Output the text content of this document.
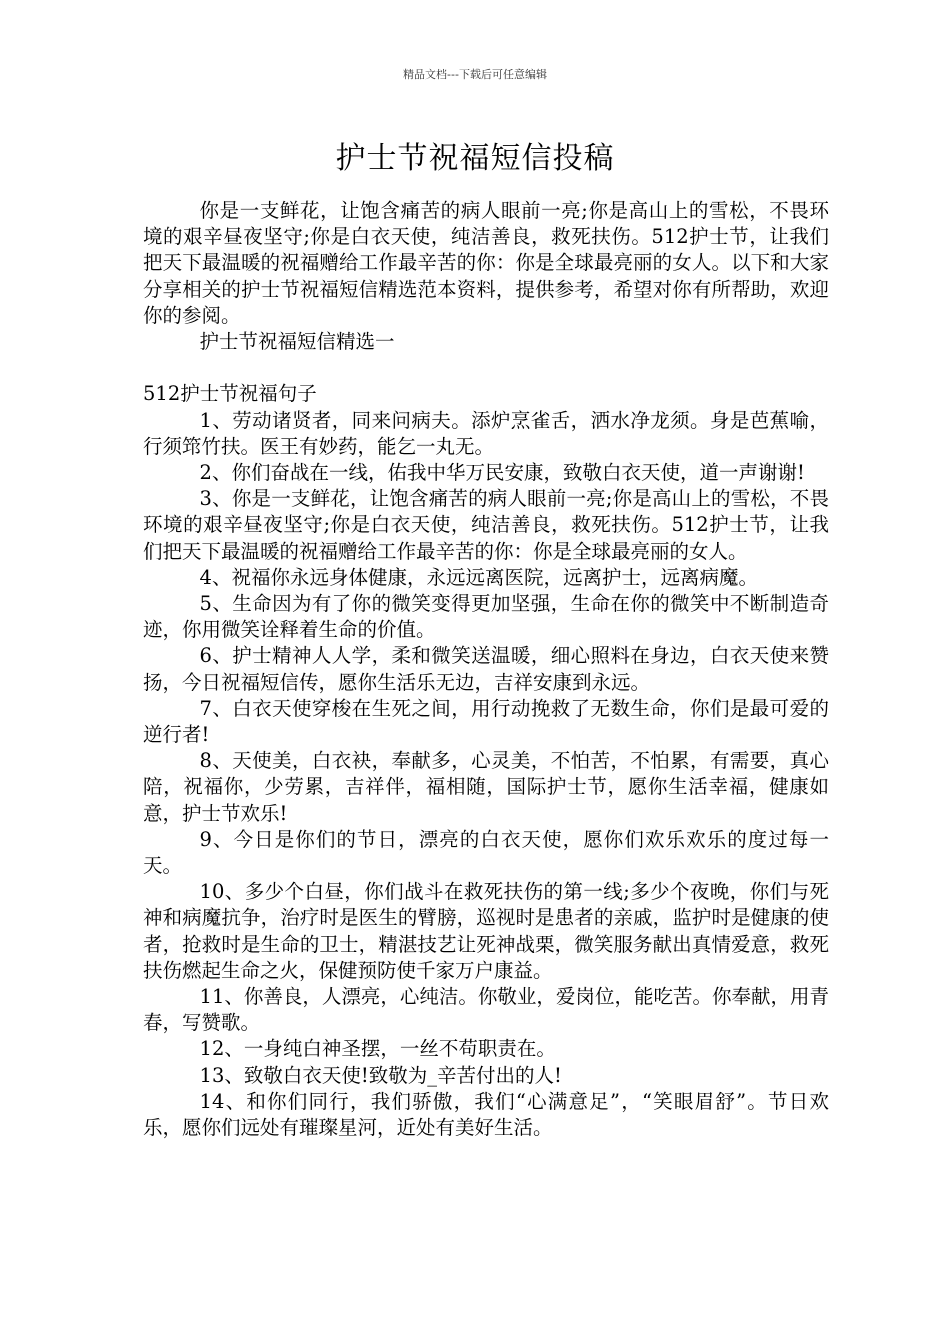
精品文档---下载后可任意编辑
护士节祝福短信投稿

你是一支鲜花，让饱含痛苦的病人眼前一亮;你是高山上的雪松，不畏环境的艰辛昼夜坚守;你是白衣天使，纯洁善良，救死扶伤。512护士节，让我们把天下最温暖的祝福赠给工作最辛苦的你：你是全球最亮丽的女人。以下和大家分享相关的护士节祝福短信精选范本资料，提供参考，希望对你有所帮助，欢迎你的参阅。

护士节祝福短信精选一

512护士节祝福句子

1、劳动诸贤者，同来问病夫。添炉烹雀舌，洒水净龙须。身是芭蕉喻，行须筇竹扶。医王有妙药，能乞一丸无。

2、你们奋战在一线，佑我中华万民安康，致敬白衣天使，道一声谢谢!

3、你是一支鲜花，让饱含痛苦的病人眼前一亮;你是高山上的雪松，不畏环境的艰辛昼夜坚守;你是白衣天使，纯洁善良，救死扶伤。512护士节，让我们把天下最温暖的祝福赠给工作最辛苦的你：你是全球最亮丽的女人。

4、祝福你永远身体健康，永远远离医院，远离护士，远离病魔。

5、生命因为有了你的微笑变得更加坚强，生命在你的微笑中不断制造奇迹，你用微笑诠释着生命的价值。

6、护士精神人人学，柔和微笑送温暖，细心照料在身边，白衣天使来赞扬，今日祝福短信传，愿你生活乐无边，吉祥安康到永远。

7、白衣天使穿梭在生死之间，用行动挽救了无数生命，你们是最可爱的逆行者!

8、天使美，白衣袂，奉献多，心灵美，不怕苦，不怕累，有需要，真心陪，祝福你，少劳累，吉祥伴，福相随，国际护士节，愿你生活幸福，健康如意，护士节欢乐!

9、今日是你们的节日，漂亮的白衣天使，愿你们欢乐欢乐的度过每一天。

10、多少个白昼，你们战斗在救死扶伤的第一线;多少个夜晚，你们与死神和病魔抗争，治疗时是医生的臂膀，巡视时是患者的亲戚，监护时是健康的使者，抢救时是生命的卫士，精湛技艺让死神战栗，微笑服务献出真情爱意，救死扶伤燃起生命之火，保健预防使千家万户康益。

11、你善良，人漂亮，心纯洁。你敬业，爱岗位，能吃苦。你奉献，用青春，写赞歌。

12、一身纯白神圣摆，一丝不苟职责在。

13、致敬白衣天使!致敬为_辛苦付出的人!

14、和你们同行，我们骄傲，我们“心满意足”，“笑眼眉舒”。节日欢乐，愿你们远处有璀璨星河，近处有美好生活。
